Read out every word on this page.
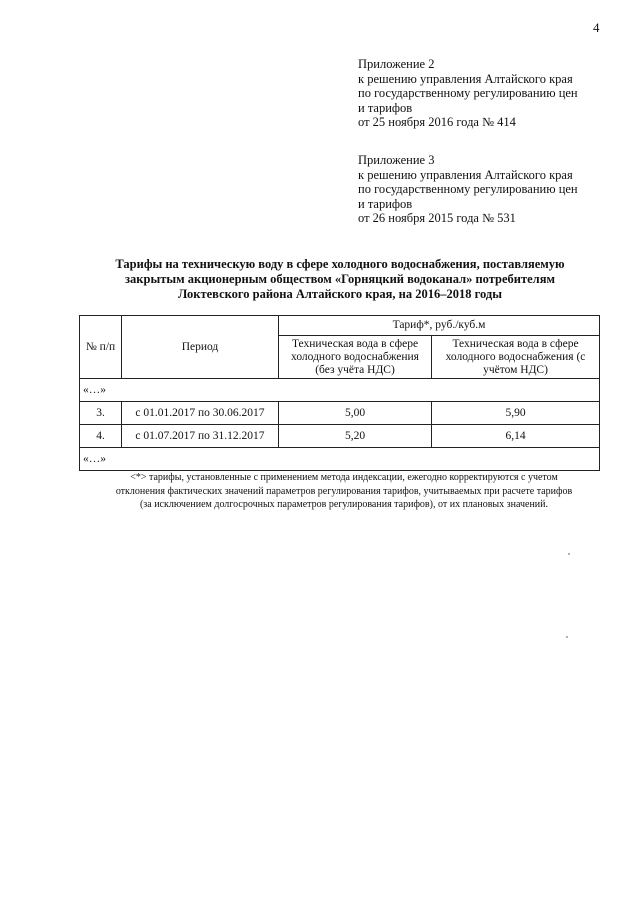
4
Приложение 2
к решению управления Алтайского края
по государственному регулированию цен
и тарифов
от 25 ноября 2016 года № 414
Приложение 3
к решению управления Алтайского края
по государственному регулированию цен
и тарифов
от 26 ноября 2015 года № 531
Тарифы на техническую воду в сфере холодного водоснабжения, поставляемую
закрытым акционерным обществом «Горняцкий водоканал» потребителям
Локтевского района Алтайского края, на 2016–2018 годы
№ п/п	Период	Тариф*, руб./куб.м	
		Техническая вода в сфере холодного водоснабжения (без учёта НДС)	Техническая вода в сфере холодного водоснабжения (с учётом НДС)
«…»			
3.	с 01.01.2017 по 30.06.2017	5,00	5,90
4.	с 01.07.2017 по 31.12.2017	5,20	6,14
«…»			
<*> тарифы, установленные с применением метода индексации, ежегодно корректируются с учетом
отклонения фактических значений параметров регулирования тарифов, учитываемых при расчете тарифов
(за исключением долгосрочных параметров регулирования тарифов), от их плановых значений.
